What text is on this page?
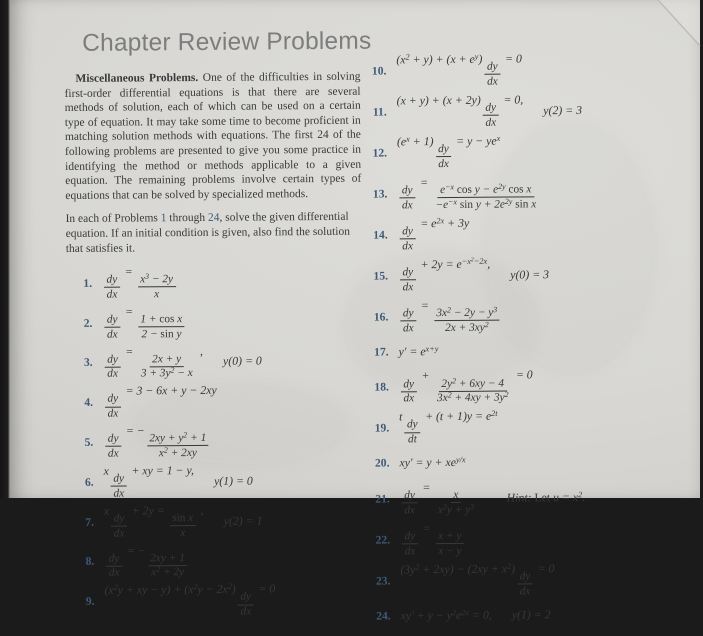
Chapter Review Problems

Miscellaneous Problems. One of the difficulties in solving first-order differential equations is that there are several methods of solution, each of which can be used on a certain type of equation. It may take some time to become proficient in matching solution methods with equations. The first 24 of the following problems are presented to give you some practice in identifying the method or methods applicable to a given equation. The remaining problems involve certain types of equations that can be solved by specialized methods.

In each of Problems 1 through 24, solve the given differential equation. If an initial condition is given, also find the solution that satisfies it.

1. $\frac{dy}{dx}$
=
$\frac{x^3 - 2y}{x}$
2. $\frac{dy}{dx}$
=
$\frac{\text{1 + cos x}}{\text{2 − sin y}}$
3. $\frac{dy}{dx}$
=
$\frac{2x + y}{3 + 3y^2 - x}$
,
y(0) = 0
4. $\frac{dy}{dx}$
= 3 − 6x + y − 2xy
5. $\frac{dy}{dx}$
= −
$\frac{2xy + y^2 + 1}{x^2 + 2xy}$
6.
x
$\frac{dy}{dx}$
+ xy = 1 − y,
y(1) = 0
7.
x
$\frac{dy}{dx}$
+ 2y =
$\frac{\text{sin x}}{x}$
,
y(2) = 1
8. $\frac{dy}{dx}$
= −
$\frac{2xy + 1}{x^2 + 2y}$
9.
($x^2y$ + xy − $y) + (x^2y - 2x^2)$
$\frac{dy}{dx}$
= 0
10.
$(x^2 + y) + (x + e^y)$
$\frac{dy}{dx}$
= 0
11.
(x + y) + (x + 2y)
$\frac{dy}{dx}$
= 0,
y(2) = 3
12.
$(e^x + 1)$
$\frac{dy}{dx}$
= $y - ye^x$
13. $\frac{dy}{dx}$
=
$\frac{e^{-x} \cos y - e^{2y} \cos x}{-e^{-x} \sin y + 2e^{2y} \sin x}$
14. $\frac{dy}{dx}$
= $e^{2x} + 3y$
15. $\frac{dy}{dx}$
+ $2y = e^{-x^2-2x}$,
y(0) = 3
16. $\frac{dy}{dx}$
=
$\frac{3x^2 - 2y - y^3}{2x + 3xy^2}$
17. $y' = e^{x+y}$
18. $\frac{dy}{dx}$
+
$\frac{2y^2 + 6xy - 4}{3x^2 + 4xy + 3y^2}$
= 0
19.
t
$\frac{dy}{dt}$
+ $(t + 1)y = e^{2t}$
20. $xy' = y + xe^{y/x}$
21. $\frac{dy}{dx}$
=
$\frac{x}{x^2y + y^3}$	Hint: Let $u = x^2$.
22. $\frac{dy}{dx}$
=
$\frac{x + y}{x - y}$
23.
$(3y^2 + 2xy) - (2xy + x^2)$
$\frac{dy}{dx}$
= 0
24. $xy' + y - y^2e^{2x} = 0$, y(1) = 2
